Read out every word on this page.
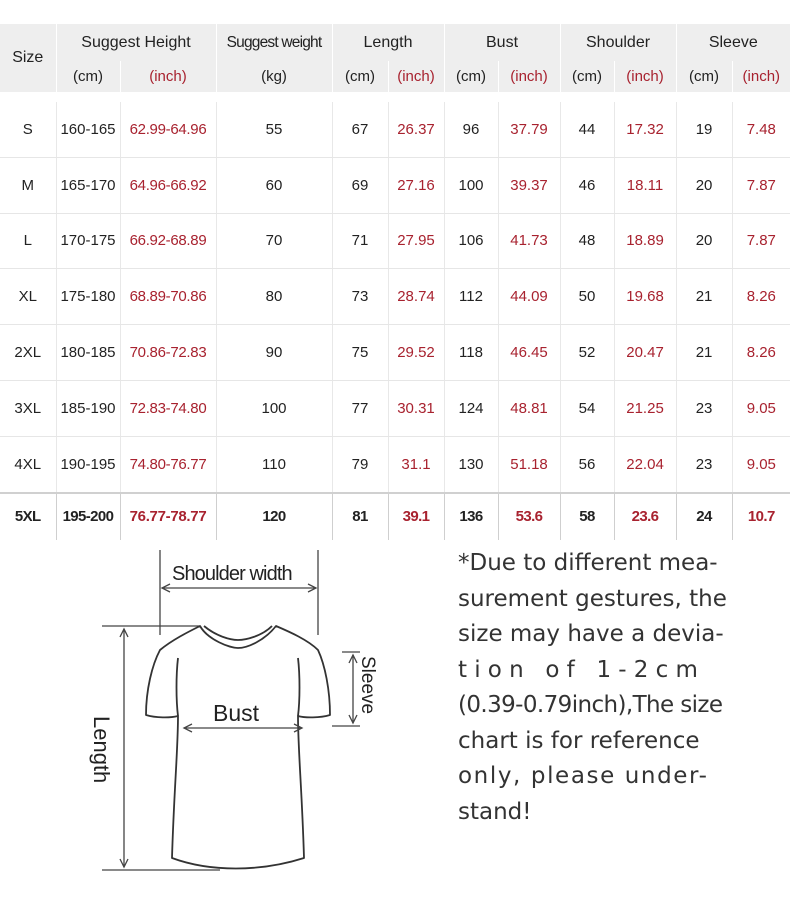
Size	Suggest Height		Suggest weight	Length		Bust		Shoulder		Sleeve	
	(cm)	(inch)	(kg)	(cm)	(inch)	(cm)	(inch)	(cm)	(inch)	(cm)	(inch)

S	160-165	62.99-64.96	55	67	26.37	96	37.79	44	17.32	19	7.48
M	165-170	64.96-66.92	60	69	27.16	100	39.37	46	18.11	20	7.87
L	170-175	66.92-68.89	70	71	27.95	106	41.73	48	18.89	20	7.87
XL	175-180	68.89-70.86	80	73	28.74	112	44.09	50	19.68	21	8.26
2XL	180-185	70.86-72.83	90	75	29.52	118	46.45	52	20.47	21	8.26
3XL	185-190	72.83-74.80	100	77	30.31	124	48.81	54	21.25	23	9.05
4XL	190-195	74.80-76.77	110	79	31.1	130	51.18	56	22.04	23	9.05
5XL	195-200	76.77-78.77	120	81	39.1	136	53.6	58	23.6	24	10.7
Shoulder width
Length
Bust	Sleeve
*Due to different mea-
surement gestures, the
size may have a devia-
tion of 1-2cm
(0.39-0.79inch),The size
chart is for reference
only, please under-
stand!
